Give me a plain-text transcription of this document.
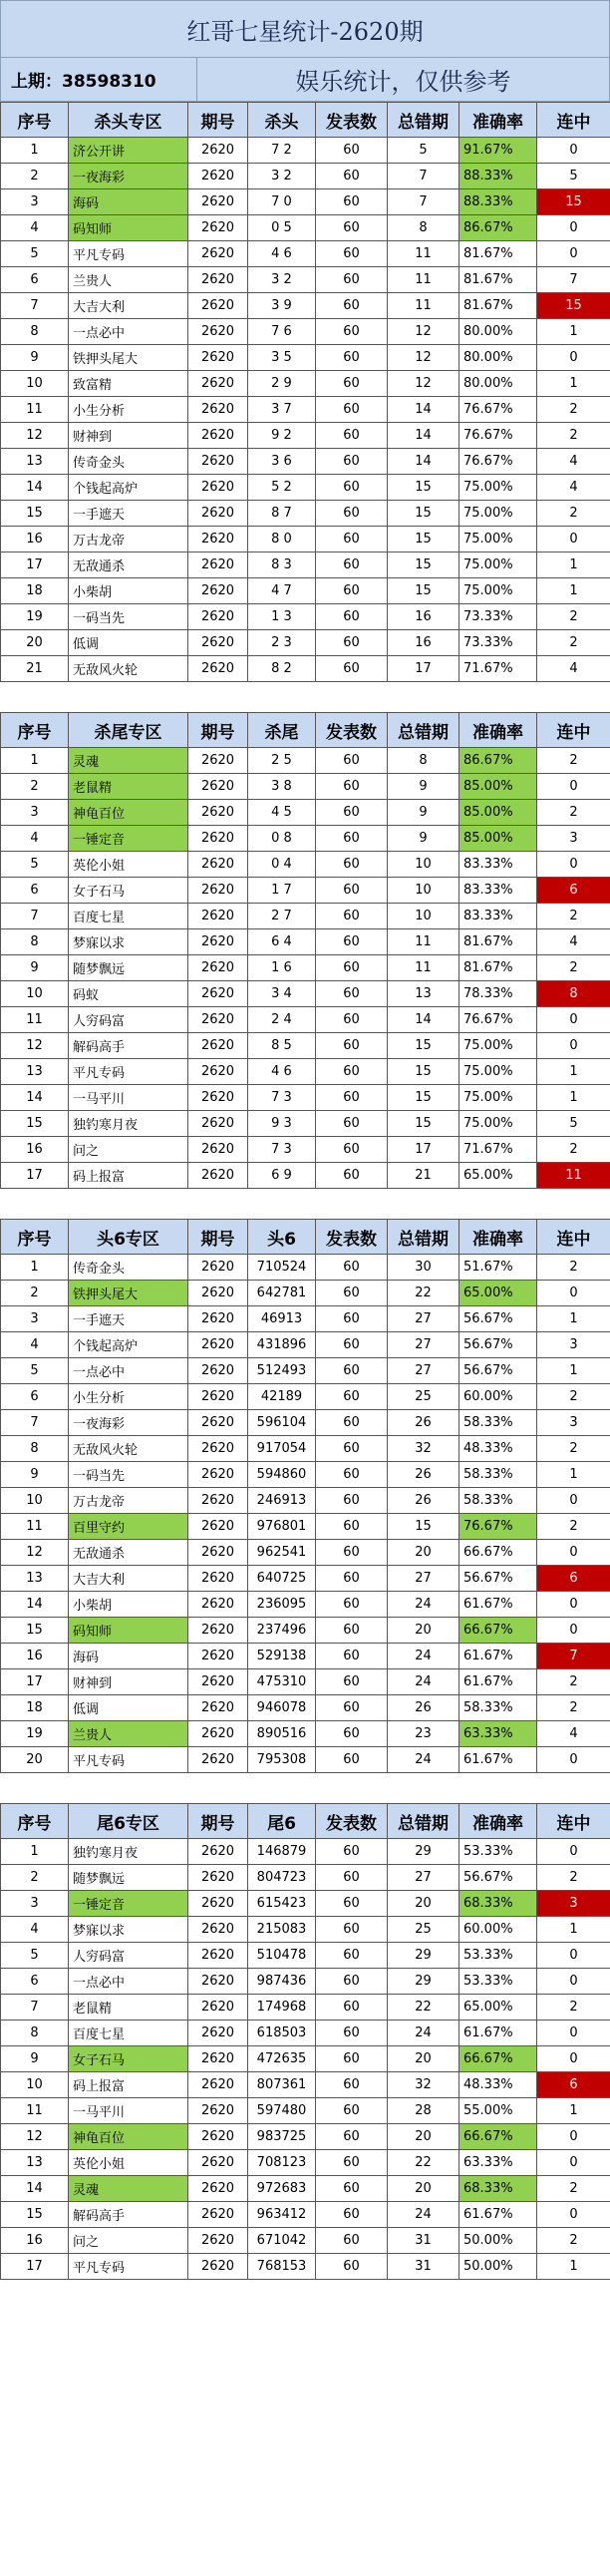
红哥七星统计-2620期
上期：38598310	娱乐统计，仅供参考
序号	杀头专区	期号	杀头	发表数	总错期	准确率	连中
1	济公开讲	2620	7 2	60	5	91.67%	0
2	一夜海彩	2620	3 2	60	7	88.33%	5
3	海码	2620	7 0	60	7	88.33%	15
4	码知师	2620	0 5	60	8	86.67%	0
5	平凡专码	2620	4 6	60	11	81.67%	0
6	兰贵人	2620	3 2	60	11	81.67%	7
7	大吉大利	2620	3 9	60	11	81.67%	15
8	一点必中	2620	7 6	60	12	80.00%	1
9	铁押头尾大	2620	3 5	60	12	80.00%	0
10	致富精	2620	2 9	60	12	80.00%	1
11	小生分析	2620	3 7	60	14	76.67%	2
12	财神到	2620	9 2	60	14	76.67%	2
13	传奇金头	2620	3 6	60	14	76.67%	4
14	个钱起高炉	2620	5 2	60	15	75.00%	4
15	一手遮天	2620	8 7	60	15	75.00%	2
16	万古龙帝	2620	8 0	60	15	75.00%	0
17	无敌通杀	2620	8 3	60	15	75.00%	1
18	小柴胡	2620	4 7	60	15	75.00%	1
19	一码当先	2620	1 3	60	16	73.33%	2
20	低调	2620	2 3	60	16	73.33%	2
21	无敌风火轮	2620	8 2	60	17	71.67%	4
序号	杀尾专区	期号	杀尾	发表数	总错期	准确率	连中
1	灵魂	2620	2 5	60	8	86.67%	2
2	老鼠精	2620	3 8	60	9	85.00%	0
3	神龟百位	2620	4 5	60	9	85.00%	2
4	一锤定音	2620	0 8	60	9	85.00%	3
5	英伦小姐	2620	0 4	60	10	83.33%	0
6	女子石马	2620	1 7	60	10	83.33%	6
7	百度七星	2620	2 7	60	10	83.33%	2
8	梦寐以求	2620	6 4	60	11	81.67%	4
9	随梦飘远	2620	1 6	60	11	81.67%	2
10	码蚁	2620	3 4	60	13	78.33%	8
11	人穷码富	2620	2 4	60	14	76.67%	0
12	解码高手	2620	8 5	60	15	75.00%	0
13	平凡专码	2620	4 6	60	15	75.00%	1
14	一马平川	2620	7 3	60	15	75.00%	1
15	独钓寒月夜	2620	9 3	60	15	75.00%	5
16	问之	2620	7 3	60	17	71.67%	2
17	码上报富	2620	6 9	60	21	65.00%	11
序号	头6专区	期号	头6	发表数	总错期	准确率	连中
1	传奇金头	2620	710524	60	30	51.67%	2
2	铁押头尾大	2620	642781	60	22	65.00%	0
3	一手遮天	2620	46913	60	27	56.67%	1
4	个钱起高炉	2620	431896	60	27	56.67%	3
5	一点必中	2620	512493	60	27	56.67%	1
6	小生分析	2620	42189	60	25	60.00%	2
7	一夜海彩	2620	596104	60	26	58.33%	3
8	无敌风火轮	2620	917054	60	32	48.33%	2
9	一码当先	2620	594860	60	26	58.33%	1
10	万古龙帝	2620	246913	60	26	58.33%	0
11	百里守约	2620	976801	60	15	76.67%	2
12	无敌通杀	2620	962541	60	20	66.67%	0
13	大吉大利	2620	640725	60	27	56.67%	6
14	小柴胡	2620	236095	60	24	61.67%	0
15	码知师	2620	237496	60	20	66.67%	0
16	海码	2620	529138	60	24	61.67%	7
17	财神到	2620	475310	60	24	61.67%	2
18	低调	2620	946078	60	26	58.33%	2
19	兰贵人	2620	890516	60	23	63.33%	4
20	平凡专码	2620	795308	60	24	61.67%	0
序号	尾6专区	期号	尾6	发表数	总错期	准确率	连中
1	独钓寒月夜	2620	146879	60	29	53.33%	0
2	随梦飘远	2620	804723	60	27	56.67%	2
3	一锤定音	2620	615423	60	20	68.33%	3
4	梦寐以求	2620	215083	60	25	60.00%	1
5	人穷码富	2620	510478	60	29	53.33%	0
6	一点必中	2620	987436	60	29	53.33%	0
7	老鼠精	2620	174968	60	22	65.00%	2
8	百度七星	2620	618503	60	24	61.67%	0
9	女子石马	2620	472635	60	20	66.67%	0
10	码上报富	2620	807361	60	32	48.33%	6
11	一马平川	2620	597480	60	28	55.00%	1
12	神龟百位	2620	983725	60	20	66.67%	0
13	英伦小姐	2620	708123	60	22	63.33%	0
14	灵魂	2620	972683	60	20	68.33%	2
15	解码高手	2620	963412	60	24	61.67%	0
16	问之	2620	671042	60	31	50.00%	2
17	平凡专码	2620	768153	60	31	50.00%	1
